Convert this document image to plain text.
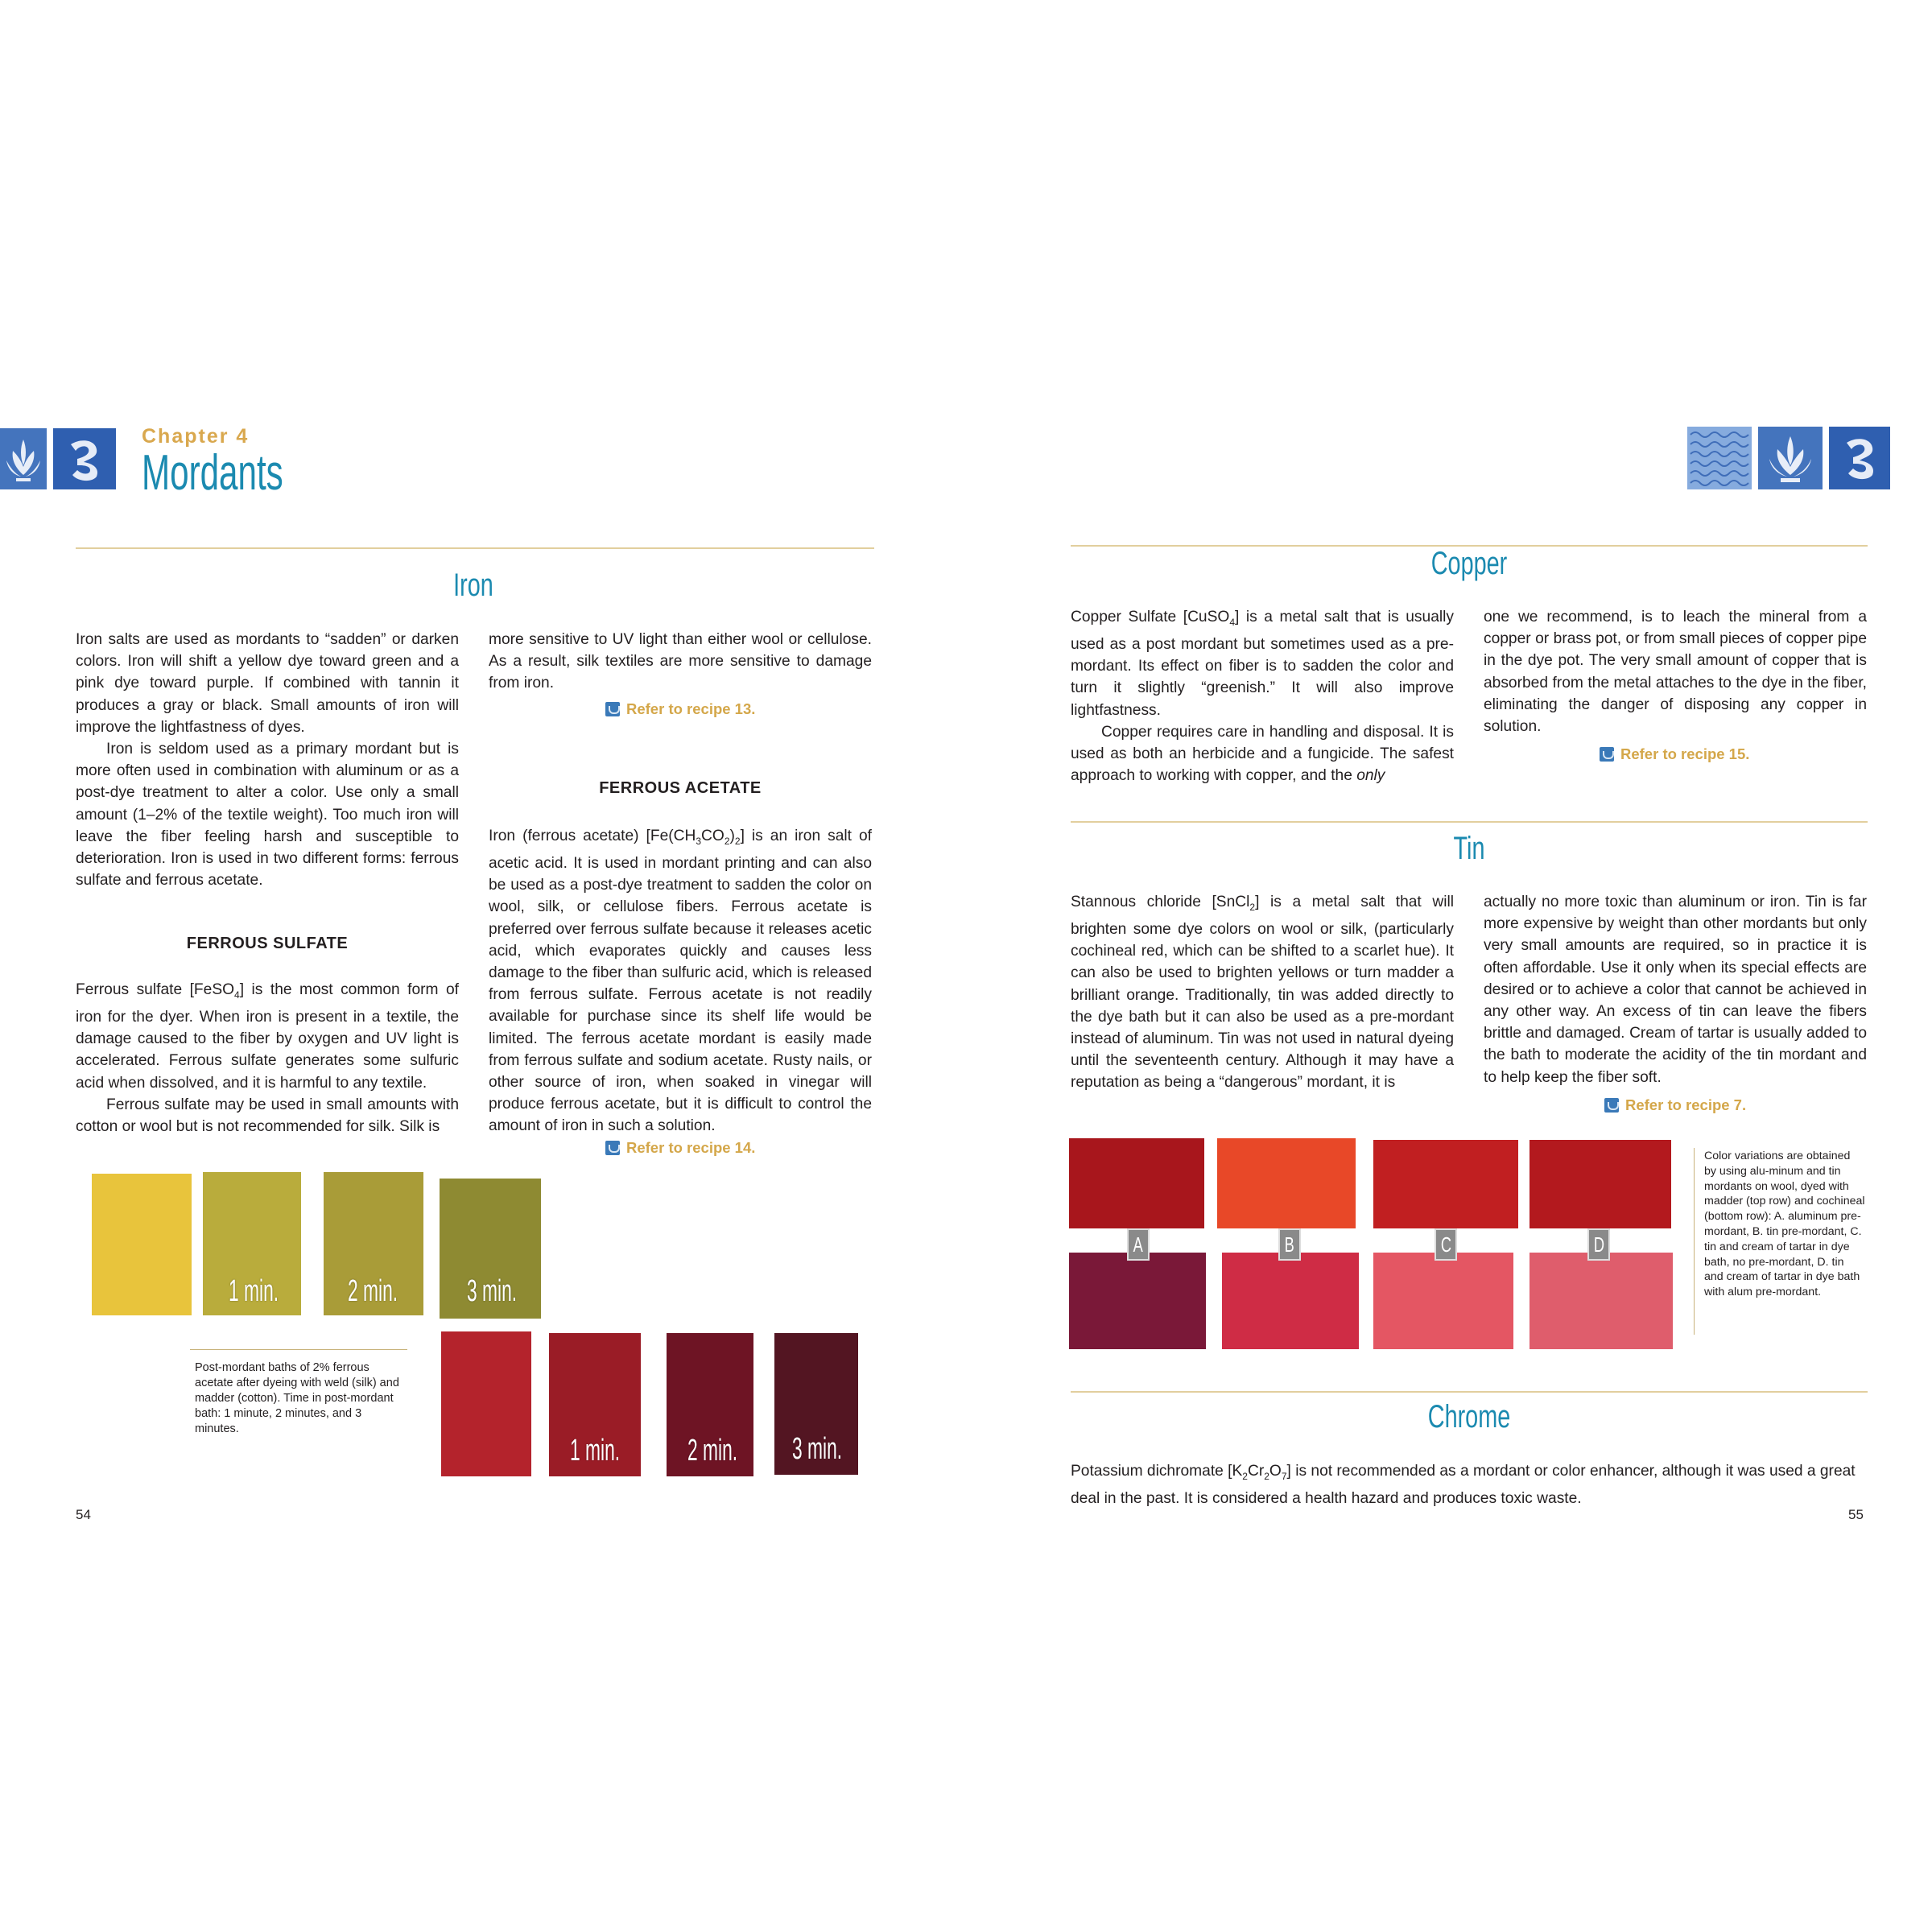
Chapter 4
Mordants
Iron

Iron salts are used as mordants to “sadden” or darken colors. Iron will shift a yellow dye toward green and a pink dye toward purple. If combined with tannin it produces a gray or black. Small amounts of iron will improve the lightfastness of dyes.

Iron is seldom used as a primary mordant but is more often used in combination with aluminum or as a post-dye treatment to alter a color. Use only a small amount (1–2% of the textile weight). Too much iron will leave the fiber feeling harsh and susceptible to deterioration. Iron is used in two different forms: ferrous sulfate and ferrous acetate.

FERROUS SULFATE

Ferrous sulfate [FeSO$_4$] is the most common form of iron for the dyer. When iron is present in a textile, the damage caused to the fiber by oxygen and UV light is accelerated. Ferrous sulfate generates some sulfuric acid when dissolved, and it is harmful to any textile.

Ferrous sulfate may be used in small amounts with cotton or wool but is not recommended for silk. Silk is

more sensitive to UV light than either wool or cellulose. As a result, silk textiles are more sensitive to damage from iron.
Refer to recipe 13.
FERROUS ACETATE

Iron (ferrous acetate) $[Fe(CH_3CO_2)_2]$ is an iron salt of acetic acid. It is used in mordant printing and can also be used as a post-dye treatment to sadden the color on wool, silk, or cellulose fibers. Ferrous acetate is preferred over ferrous sulfate because it releases acetic acid, which evaporates quickly and causes less damage to the fiber than sulfuric acid, which is released from ferrous sulfate. Ferrous acetate is not readily available for purchase since its shelf life would be limited. The ferrous acetate mordant is easily made from ferrous sulfate and sodium acetate. Rusty nails, or other source of iron, when soaked in vinegar will produce ferrous acetate, but it is difficult to control the amount of iron in such a solution.

Refer to recipe 14.
1 min. 2 min. 3 min.
Post-mordant baths of 2% ferrous acetate after dyeing with weld (silk) and madder (cotton). Time in post-mordant bath: 1 minute, 2 minutes, and 3 minutes.
1 min. 2 min. 3 min.
54
Copper

Copper Sulfate [CuSO$_4$] is a metal salt that is usually used as a post mordant but sometimes used as a pre-mordant. Its effect on fiber is to sadden the color and turn it slightly “greenish.” It will also improve lightfastness.

Copper requires care in handling and disposal. It is used as both an herbicide and a fungicide. The safest approach to working with copper, and the only

one we recommend, is to leach the mineral from a copper or brass pot, or from small pieces of copper pipe in the dye pot. The very small amount of copper that is absorbed from the metal attaches to the dye in the fiber, eliminating the danger of disposing any copper in solution.
Refer to recipe 15.
Tin

Stannous chloride [SnCl$_2$] is a metal salt that will brighten some dye colors on wool or silk, (particularly cochineal red, which can be shifted to a scarlet hue). It can also be used to brighten yellows or turn madder a brilliant orange. Traditionally, tin was added directly to the dye bath but it can also be used as a pre-mordant instead of aluminum. Tin was not used in natural dyeing until the seventeenth century. Although it may have a reputation as being a “dangerous” mordant, it is

actually no more toxic than aluminum or iron. Tin is far more expensive by weight than other mordants but only very small amounts are required, so in practice it is often affordable. Use it only when its special effects are desired or to achieve a color that cannot be achieved in any other way. An excess of tin can leave the fibers brittle and damaged. Cream of tartar is usually added to the bath to moderate the acidity of the tin mordant and to help keep the fiber soft.
Refer to recipe 7.
A	B	C	D
Color variations are obtained by using alu-minum and tin mordants on wool, dyed with madder (top row) and cochineal (bottom row): A. aluminum pre-mordant, B. tin pre-mordant, C. tin and cream of tartar in dye bath, no pre-mordant, D. tin and cream of tartar in dye bath with alum pre-mordant.
Chrome

Potassium dichromate $[K_2Cr_2O_7]$ is not recommended as a mordant or color enhancer, although it was used a great deal in the past. It is considered a health hazard and produces toxic waste.

55
